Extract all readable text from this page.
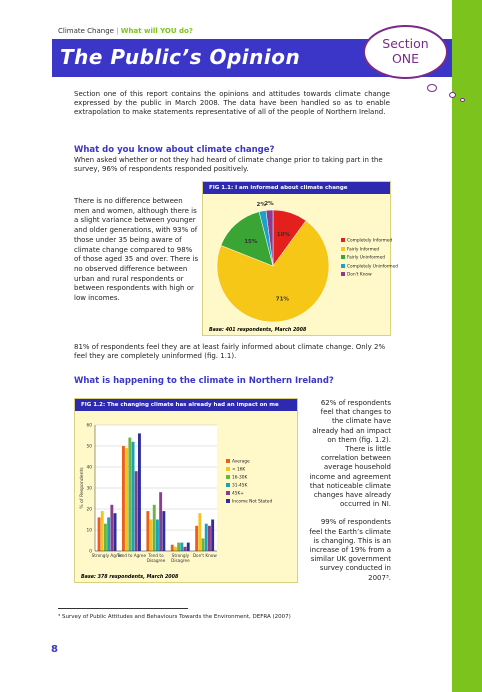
Climate Change | What will YOU do?
The Public’s Opinion
Section
ONE
Section one of this report contains the opinions and attitudes towards climate change expressed by the public in March 2008. The data have been handled so as to enable extrapolation to make statements representative of all of the people of Northern Ireland.
What do you know about climate change?
When asked whether or not they had heard of climate change prior to taking part in the survey, 96% of respondents responded positively.
There is no difference between men and women, although there is a slight variance between younger and older generations, with 93% of those under 35 being aware of climate change compared to 98% of those aged 35 and over. There is no observed difference between urban and rural respondents or between respondents with high or low incomes.
FIG 1.1: I am informed about climate change
10%
71%
15%
2%
2%
Completely Informed
Fairly Informed
Fairly Uninformed
Completely Uninformed
Don't Know
Base: 401 respondents, March 2008
81% of respondents feel they are at least fairly informed about climate change. Only 2% feel they are completely uninformed (fig. 1.1).
What is happening to the climate in Northern Ireland?
FIG 1.2: The changing climate has already had an impact on me
0
10
20
30
40
50
60
% of Respondents
Strongly Agree
Tend to Agree Tend to
Disagree
Strongly
Disagree
Don't Know
Average
< 16K
16-30K
31-45K
45K+
Income Not Stated
Base: 378 respondents, March 2008
62% of respondents feel that changes to the climate have already had an impact on them (fig. 1.2). There is little correlation between average household income and agreement that noticeable climate changes have already occurred in NI.
99% of respondents feel the Earth’s climate is changing. This is an increase of 19% from a similar UK government survey conducted in 2007³.
³ Survey of Public Attitudes and Behaviours Towards the Environment, DEFRA (2007)
8
